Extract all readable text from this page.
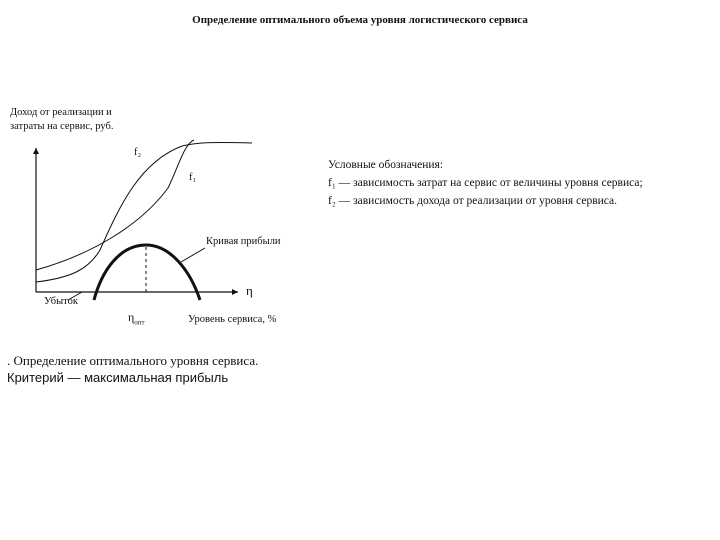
Определение оптимального объема уровня логистического сервиса
Доход от реализации и затраты на сервис, руб.
f₂
f₁
Кривая прибыли
η
Убыток
$\eta_{опт}$	Уровень сервиса, %
Условные обозначения:
f₁ — зависимость затрат на сервис от величины уровня сервиса;
f₂ — зависимость дохода от реализации от уровня сервиса.
. Определение оптимального уровня сервиса.
Критерий — максимальная прибыль
